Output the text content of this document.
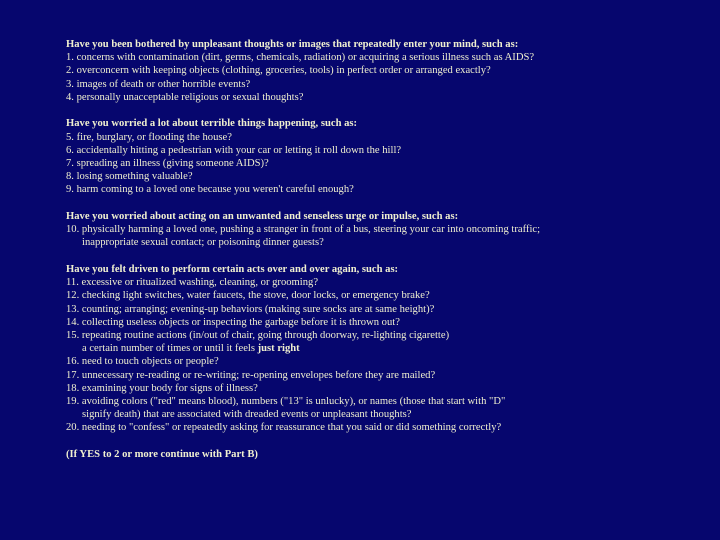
Have you been bothered by unpleasant thoughts or images that repeatedly enter your mind, such as:
1. concerns with contamination (dirt, germs, chemicals, radiation) or acquiring a serious illness such as AIDS?
2. overconcern with keeping objects (clothing, groceries, tools) in perfect order or arranged exactly?
3. images of death or other horrible events?
4. personally unacceptable religious or sexual thoughts?
Have you worried a lot about terrible things happening, such as:
5. fire, burglary, or flooding the house?
6. accidentally hitting a pedestrian with your car or letting it roll down the hill?
7. spreading an illness (giving someone AIDS)?
8. losing something valuable?
9. harm coming to a loved one because you weren't careful enough?
Have you worried about acting on an unwanted and senseless urge or impulse, such as:
10. physically harming a loved one, pushing a stranger in front of a bus, steering your car into oncoming traffic;
inappropriate sexual contact; or poisoning dinner guests?
Have you felt driven to perform certain acts over and over again, such as:
11. excessive or ritualized washing, cleaning, or grooming?
12. checking light switches, water faucets, the stove, door locks, or emergency brake?
13. counting; arranging; evening-up behaviors (making sure socks are at same height)?
14. collecting useless objects or inspecting the garbage before it is thrown out?
15. repeating routine actions (in/out of chair, going through doorway, re-lighting cigarette)
a certain number of times or until it feels just right
16. need to touch objects or people?
17. unnecessary re-reading or re-writing; re-opening envelopes before they are mailed?
18. examining your body for signs of illness?
19. avoiding colors ("red" means blood), numbers ("13" is unlucky), or names (those that start with "D"
signify death) that are associated with dreaded events or unpleasant thoughts?
20. needing to "confess" or repeatedly asking for reassurance that you said or did something correctly?
(If YES to 2 or more continue with Part B)
